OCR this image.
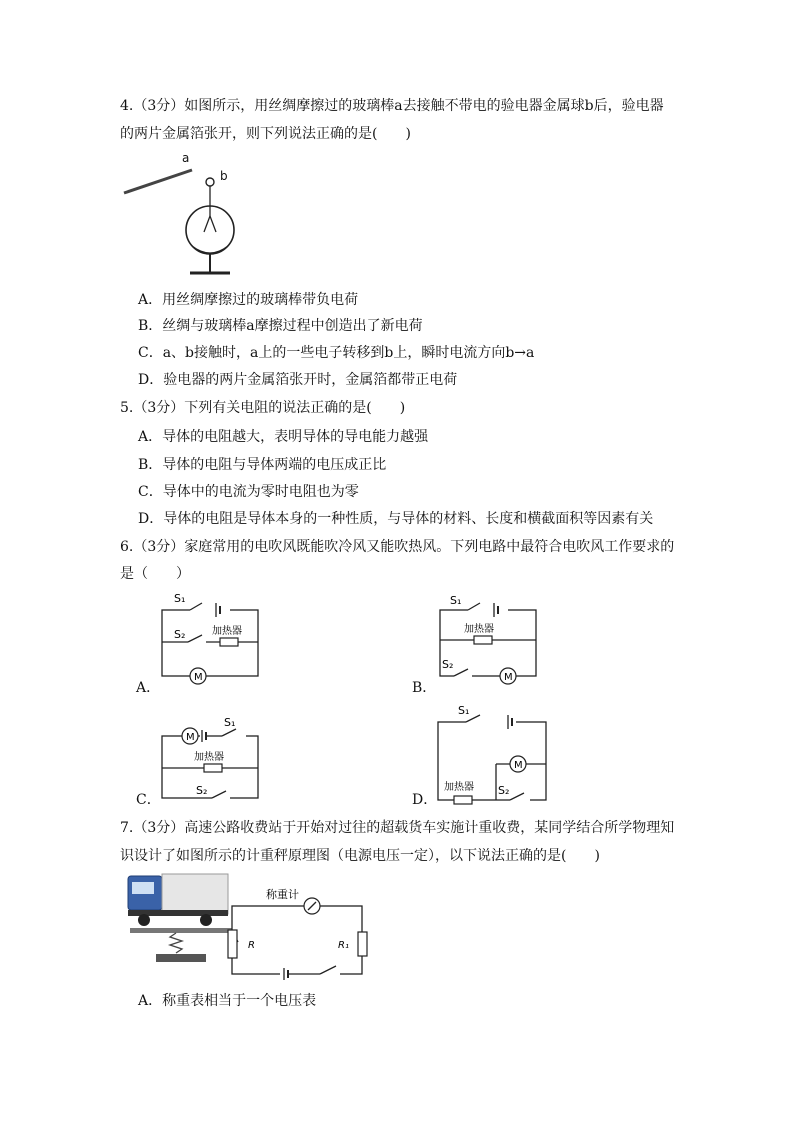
4.（3分）如图所示，用丝绸摩擦过的玻璃棒a去接触不带电的验电器金属球b后，验电器
的两片金属箔张开，则下列说法正确的是(　　)
a
b
A．用丝绸摩擦过的玻璃棒带负电荷
B．丝绸与玻璃棒a摩擦过程中创造出了新电荷
C．a、b接触时，a上的一些电子转移到b上，瞬时电流方向b→a
D．验电器的两片金属箔张开时，金属箔都带正电荷
5.（3分）下列有关电阻的说法正确的是(　　)
A．导体的电阻越大，表明导体的导电能力越强
B．导体的电阻与导体两端的电压成正比
C．导体中的电流为零时电阻也为零
D．导体的电阻是导体本身的一种性质，与导体的材料、长度和横截面积等因素有关
6.（3分）家庭常用的电吹风既能吹冷风又能吹热风。下列电路中最符合电吹风工作要求的
是（　　）
S₁
S₂	加热器
M
A．
S₁
加热器
S₂
M
B．
M
S₁
加热器
S₂
C．
S₁
M
加热器 S₂
D．
7.（3分）高速公路收费站于开始对过往的超载货车实施计重收费，某同学结合所学物理知
识设计了如图所示的计重秤原理图（电源电压一定），以下说法正确的是(　　)
称重计
R	R₁
A．称重表相当于一个电压表
